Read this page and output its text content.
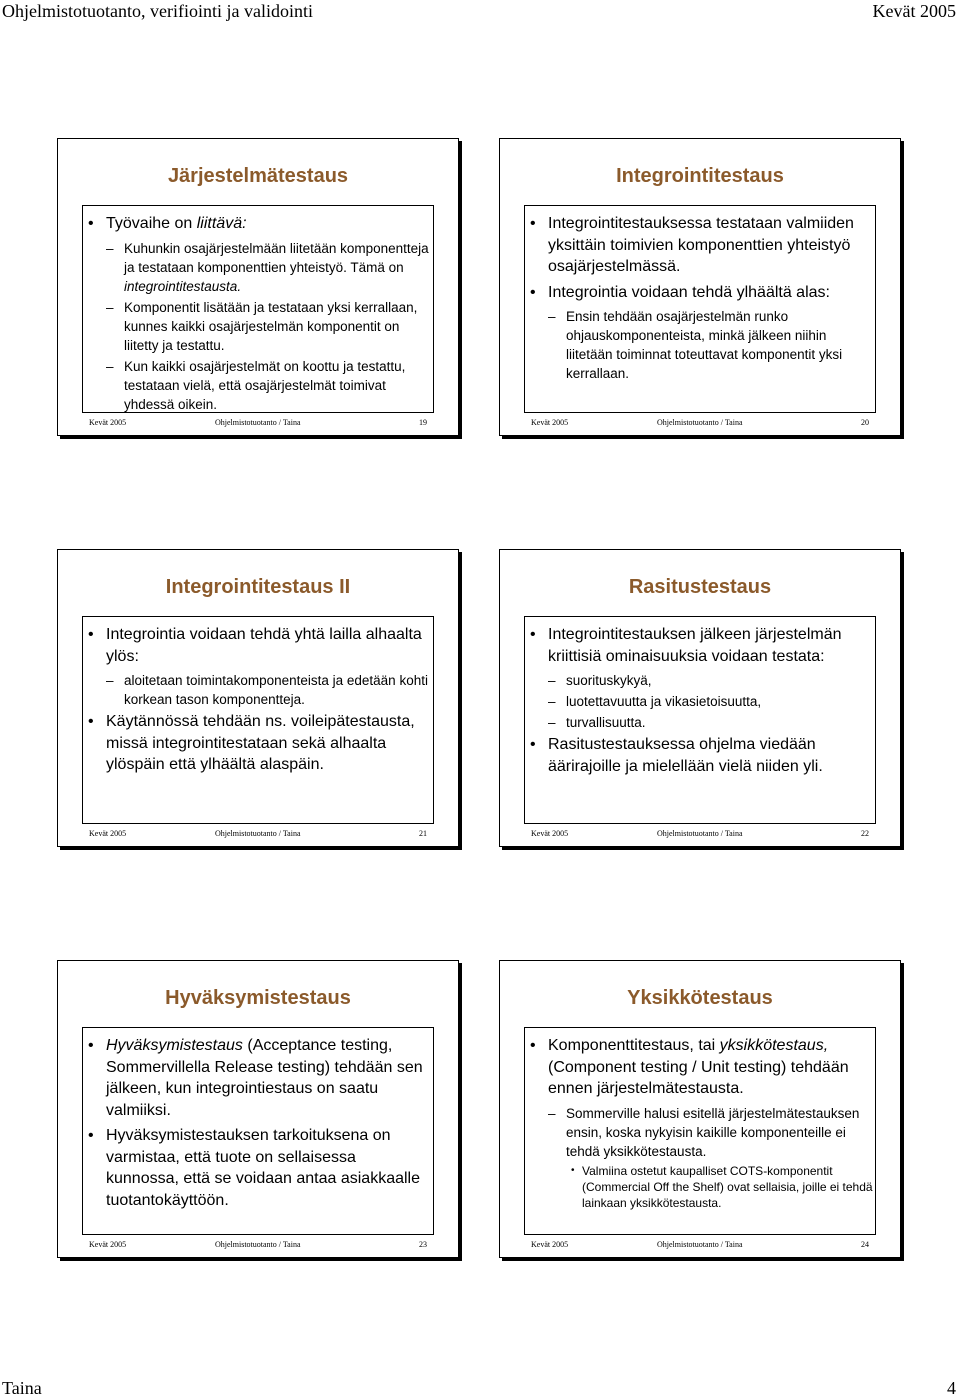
Ohjelmistotuotanto, verifiointi ja validointi	Kevät 2005
Järjestelmätestaus
• Työvaihe on liittävä:
– Kuhunkin osajärjestelmään liitetään komponentteja ja testataan komponenttien yhteistyö. Tämä on integrointitestausta.
– Komponentit lisätään ja testataan yksi kerrallaan, kunnes kaikki osajärjestelmän komponentit on liitetty ja testattu.
– Kun kaikki osajärjestelmät on koottu ja testattu, testataan vielä, että osajärjestelmät toimivat yhdessä oikein.
Kevät 2005	Ohjelmistotuotanto / Taina	19
Integrointitestaus
• Integrointitestauksessa testataan valmiiden yksittäin toimivien komponenttien yhteistyö osajärjestelmässä.
• Integrointia voidaan tehdä ylhäältä alas:
– Ensin tehdään osajärjestelmän runko ohjauskomponenteista, minkä jälkeen niihin liitetään toiminnat toteuttavat komponentit yksi kerrallaan.
Kevät 2005	Ohjelmistotuotanto / Taina	20
Integrointitestaus II
• Integrointia voidaan tehdä yhtä lailla alhaalta ylös:
– aloitetaan toimintakomponenteista ja edetään kohti korkean tason komponentteja.
• Käytännössä tehdään ns. voileipätestausta, missä integrointitestataan sekä alhaalta ylöspäin että ylhäältä alaspäin.
Kevät 2005	Ohjelmistotuotanto / Taina	21
Rasitustestaus
• Integrointitestauksen jälkeen järjestelmän kriittisiä ominaisuuksia voidaan testata:
– suorituskykyä,
– luotettavuutta ja vikasietoisuutta,
– turvallisuutta.
• Rasitustestauksessa ohjelma viedään äärirajoille ja mielellään vielä niiden yli.
Kevät 2005	Ohjelmistotuotanto / Taina	22
Hyväksymistestaus
• Hyväksymistestaus (Acceptance testing, Sommervillella Release testing) tehdään sen jälkeen, kun integrointiestaus on saatu valmiiksi.
• Hyväksymistestauksen tarkoituksena on varmistaa, että tuote on sellaisessa kunnossa, että se voidaan antaa asiakkaalle tuotantokäyttöön.
Kevät 2005	Ohjelmistotuotanto / Taina	23
Yksikkötestaus
• Komponenttitestaus, tai yksikkötestaus, (Component testing / Unit testing) tehdään ennen järjestelmätestausta.
– Sommerville halusi esitellä järjestelmätestauksen ensin, koska nykyisin kaikille komponenteille ei tehdä yksikkötestausta.
• Valmiina ostetut kaupalliset COTS-komponentit (Commercial Off the Shelf) ovat sellaisia, joille ei tehdä lainkaan yksikkötestausta.
Kevät 2005	Ohjelmistotuotanto / Taina	24
Taina	4
